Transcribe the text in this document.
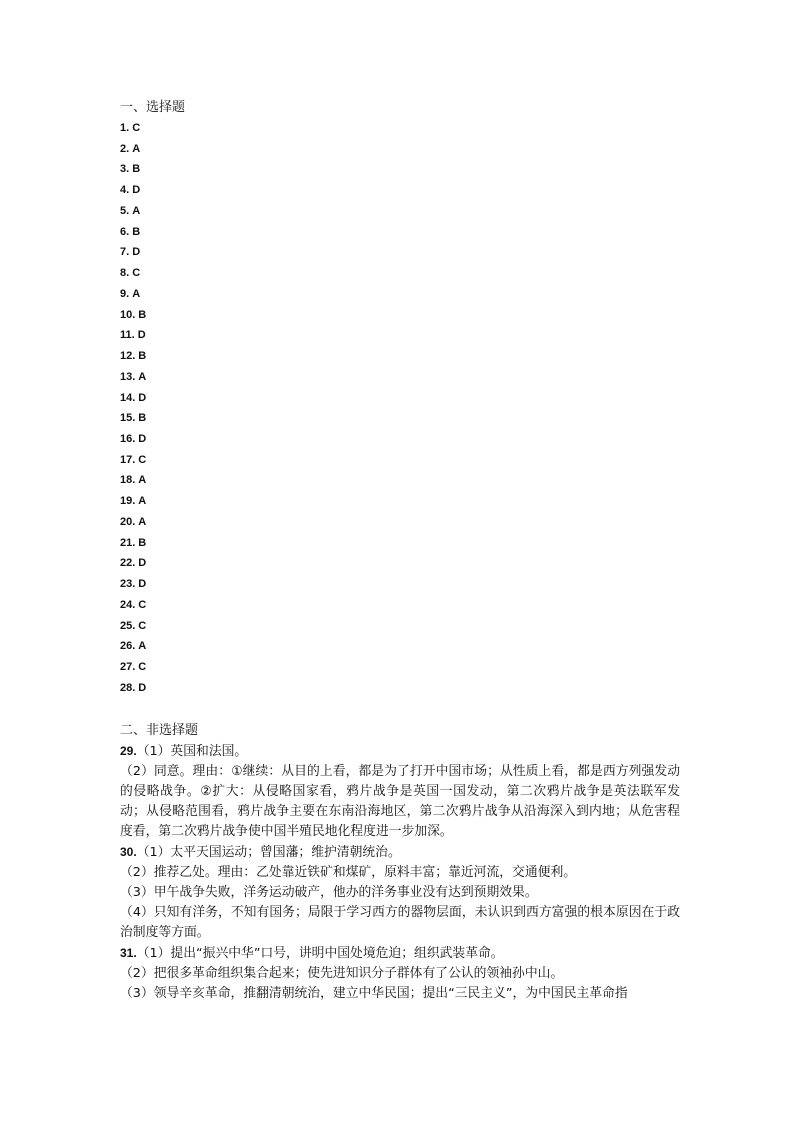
一、选择题
1. C
2. A
3. B
4. D
5. A
6. B
7. D
8. C
9. A
10. B
11. D
12. B
13. A
14. D
15. B
16. D
17. C
18. A
19. A
20. A
21. B
22. D
23. D
24. C
25. C
26. A
27. C
28. D
二、非选择题

29.（1）英国和法国。

（2）同意。理由：①继续：从目的上看，都是为了打开中国市场；从性质上看，都是西方列强发动的侵略战争。②扩大：从侵略国家看，鸦片战争是英国一国发动，第二次鸦片战争是英法联军发动；从侵略范围看，鸦片战争主要在东南沿海地区，第二次鸦片战争从沿海深入到内地；从危害程度看，第二次鸦片战争使中国半殖民地化程度进一步加深。

30.（1）太平天国运动；曾国藩；维护清朝统治。

（2）推荐乙处。理由：乙处靠近铁矿和煤矿，原料丰富；靠近河流，交通便利。

（3）甲午战争失败，洋务运动破产，他办的洋务事业没有达到预期效果。

（4）只知有洋务，不知有国务；局限于学习西方的器物层面，未认识到西方富强的根本原因在于政治制度等方面。

31.（1）提出“振兴中华”口号，讲明中国处境危迫；组织武装革命。

（2）把很多革命组织集合起来；使先进知识分子群体有了公认的领袖孙中山。

（3）领导辛亥革命，推翻清朝统治，建立中华民国；提出“三民主义”，为中国民主革命指
